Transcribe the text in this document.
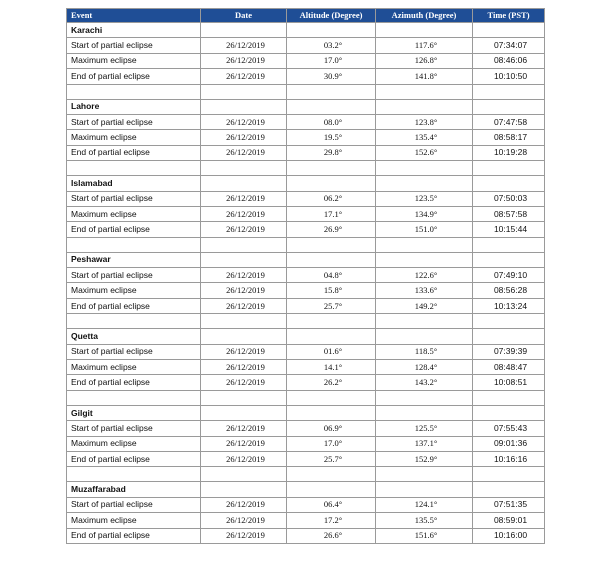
Event	Date	Altitude (Degree)	Azimuth (Degree)	Time (PST)
Karachi				
Start of partial eclipse	26/12/2019	03.2°	117.6°	07:34:07
Maximum eclipse	26/12/2019	17.0°	126.8°	08:46:06
End of partial eclipse	26/12/2019	30.9°	141.8°	10:10:50

Lahore				
Start of partial eclipse	26/12/2019	08.0°	123.8°	07:47:58
Maximum eclipse	26/12/2019	19.5°	135.4°	08:58:17
End of partial eclipse	26/12/2019	29.8°	152.6°	10:19:28

Islamabad				
Start of partial eclipse	26/12/2019	06.2°	123.5°	07:50:03
Maximum eclipse	26/12/2019	17.1°	134.9°	08:57:58
End of partial eclipse	26/12/2019	26.9°	151.0°	10:15:44

Peshawar				
Start of partial eclipse	26/12/2019	04.8°	122.6°	07:49:10
Maximum eclipse	26/12/2019	15.8°	133.6°	08:56:28
End of partial eclipse	26/12/2019	25.7°	149.2°	10:13:24

Quetta				
Start of partial eclipse	26/12/2019	01.6°	118.5°	07:39:39
Maximum eclipse	26/12/2019	14.1°	128.4°	08:48:47
End of partial eclipse	26/12/2019	26.2°	143.2°	10:08:51

Gilgit				
Start of partial eclipse	26/12/2019	06.9°	125.5°	07:55:43
Maximum eclipse	26/12/2019	17.0°	137.1°	09:01:36
End of partial eclipse	26/12/2019	25.7°	152.9°	10:16:16

Muzaffarabad				
Start of partial eclipse	26/12/2019	06.4°	124.1°	07:51:35
Maximum eclipse	26/12/2019	17.2°	135.5°	08:59:01
End of partial eclipse	26/12/2019	26.6°	151.6°	10:16:00
